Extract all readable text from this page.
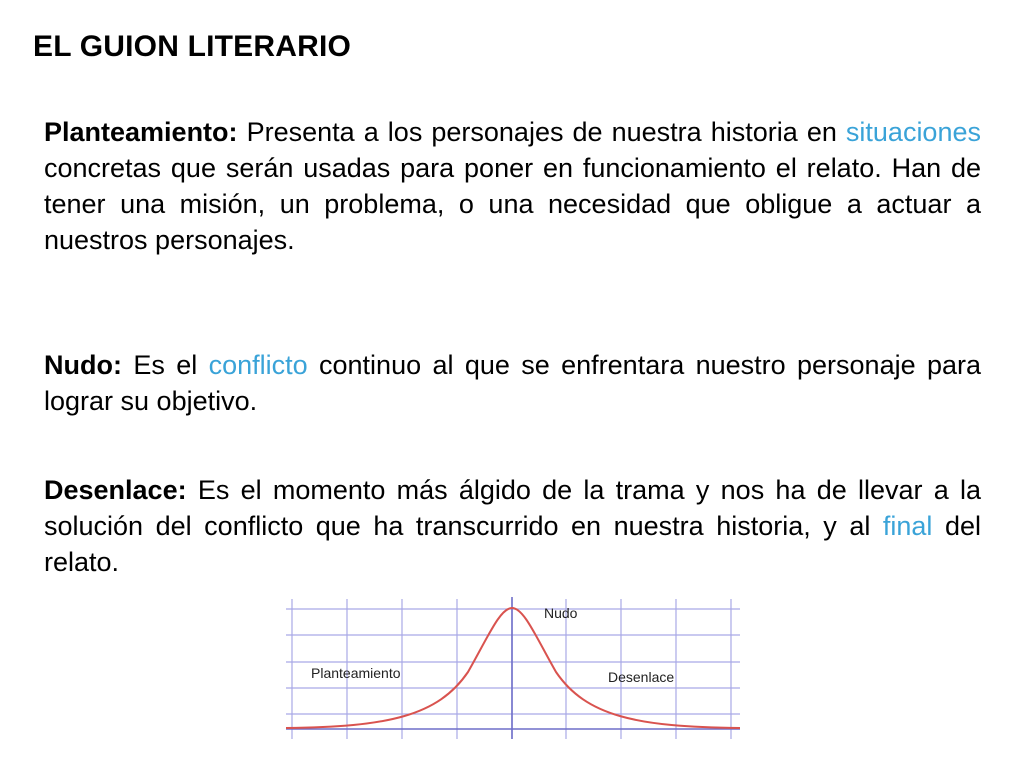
EL GUION LITERARIO

Planteamiento: Presenta a los personajes de nuestra historia en situaciones concretas que serán usadas para poner en funcionamiento el relato. Han de tener una misión, un problema, o una necesidad que obligue a actuar a nuestros personajes.

Nudo: Es el conflicto continuo al que se enfrentara nuestro personaje para lograr su objetivo.

Desenlace: Es el momento más álgido de la trama y nos ha de llevar a la solución del conflicto que ha transcurrido en nuestra historia, y al final del relato.

Nudo
Planteamiento	Desenlace
